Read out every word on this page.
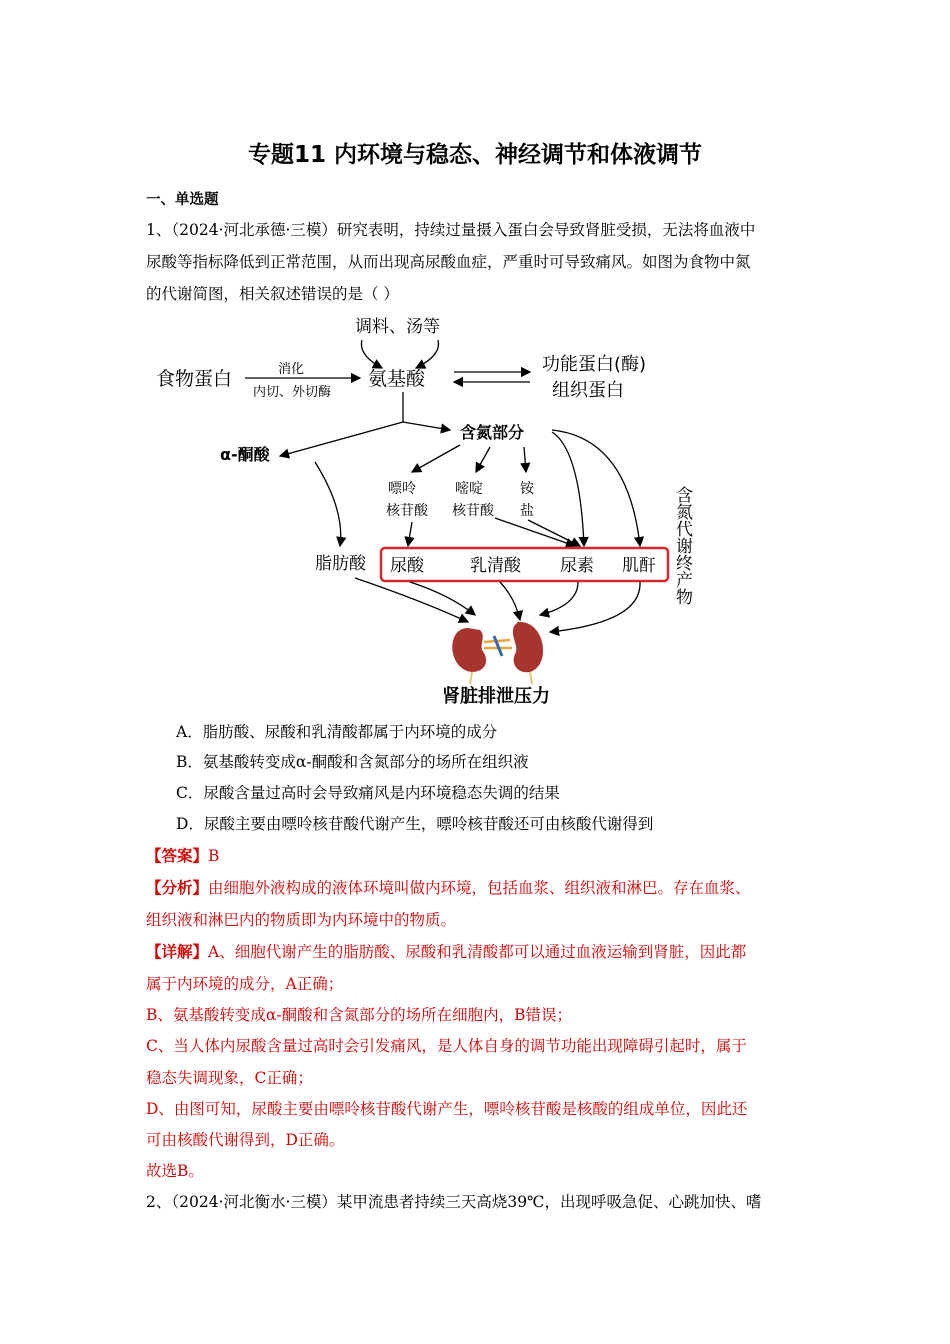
专题11 内环境与稳态、神经调节和体液调节
一、单选题
1、（2024·河北承德·三模）研究表明，持续过量摄入蛋白会导致肾脏受损，无法将血液中
尿酸等指标降低到正常范围，从而出现高尿酸血症，严重时可导致痛风。如图为食物中氮
的代谢简图，相关叙述错误的是（ ）
调料、汤等
食物蛋白	消化
内切、外切酶
氨基酸
功能蛋白(酶)
组织蛋白
α-酮酸
含氮部分
嘌呤
核苷酸
嘧啶
核苷酸
铵
盐
脂肪酸 尿酸	乳清酸 尿素 肌酐 含氮代谢终产物
肾脏排泄压力
A．脂肪酸、尿酸和乳清酸都属于内环境的成分
B．氨基酸转变成α-酮酸和含氮部分的场所在组织液
C．尿酸含量过高时会导致痛风是内环境稳态失调的结果
D．尿酸主要由嘌呤核苷酸代谢产生，嘌呤核苷酸还可由核酸代谢得到
【答案】B
【分析】由细胞外液构成的液体环境叫做内环境，包括血浆、组织液和淋巴。存在血浆、
组织液和淋巴内的物质即为内环境中的物质。
【详解】A、细胞代谢产生的脂肪酸、尿酸和乳清酸都可以通过血液运输到肾脏，因此都
属于内环境的成分，A正确；
B、氨基酸转变成α-酮酸和含氮部分的场所在细胞内，B错误；
C、当人体内尿酸含量过高时会引发痛风，是人体自身的调节功能出现障碍引起时，属于
稳态失调现象，C正确；
D、由图可知，尿酸主要由嘌呤核苷酸代谢产生，嘌呤核苷酸是核酸的组成单位，因此还
可由核酸代谢得到，D正确。
故选B。
2、（2024·河北衡水·三模）某甲流患者持续三天高烧39℃，出现呼吸急促、心跳加快、嗜
